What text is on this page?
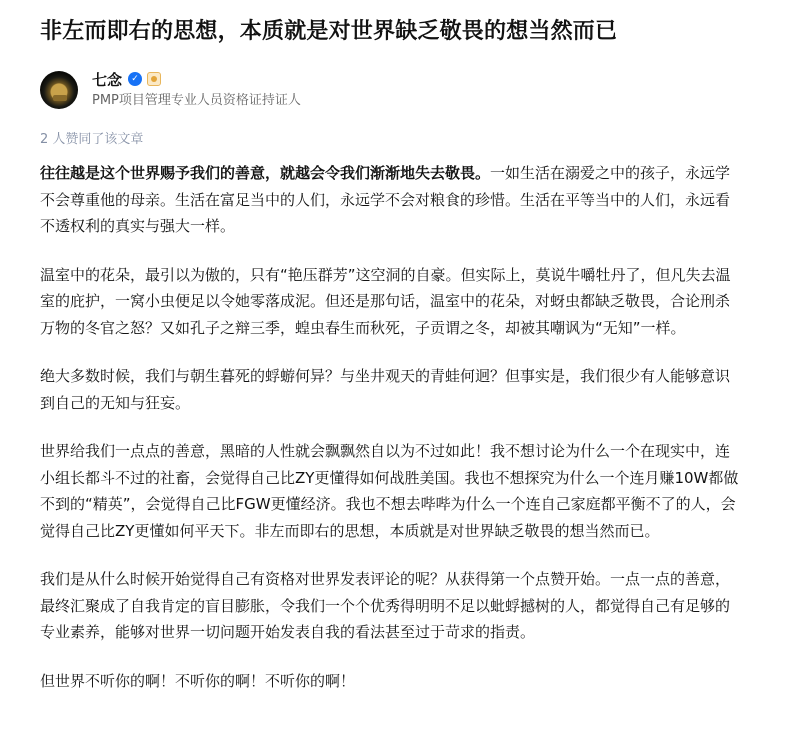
非左而即右的思想，本质就是对世界缺乏敬畏的想当然而已
七念	✓
PMP项目管理专业人员资格证持证人
2 人赞同了该文章

往往越是这个世界赐予我们的善意，就越会令我们渐渐地失去敬畏。一如生活在溺爱之中的孩子，永远学不会尊重他的母亲。生活在富足当中的人们，永远学不会对粮食的珍惜。生活在平等当中的人们，永远看不透权利的真实与强大一样。

温室中的花朵，最引以为傲的，只有“艳压群芳”这空洞的自豪。但实际上，莫说牛嚼牡丹了，但凡失去温室的庇护，一窝小虫便足以令她零落成泥。但还是那句话，温室中的花朵，对蚜虫都缺乏敬畏，合论刑杀万物的冬官之怒？又如孔子之辩三季，蝗虫春生而秋死，子贡谓之冬，却被其嘲讽为“无知”一样。

绝大多数时候，我们与朝生暮死的蜉蝣何异？与坐井观天的青蛙何迥？但事实是，我们很少有人能够意识到自己的无知与狂妄。

世界给我们一点点的善意，黑暗的人性就会飘飘然自以为不过如此！我不想讨论为什么一个在现实中，连小组长都斗不过的社畜，会觉得自己比ZY更懂得如何战胜美国。我也不想探究为什么一个连月赚10W都做不到的“精英”，会觉得自己比FGW更懂经济。我也不想去哔哔为什么一个连自己家庭都平衡不了的人，会觉得自己比ZY更懂如何平天下。非左而即右的思想，本质就是对世界缺乏敬畏的想当然而已。

我们是从什么时候开始觉得自己有资格对世界发表评论的呢？从获得第一个点赞开始。一点一点的善意，最终汇聚成了自我肯定的盲目膨胀，令我们一个个优秀得明明不足以蚍蜉撼树的人，都觉得自己有足够的专业素养，能够对世界一切问题开始发表自我的看法甚至过于苛求的指责。

但世界不听你的啊！不听你的啊！不听你的啊！
